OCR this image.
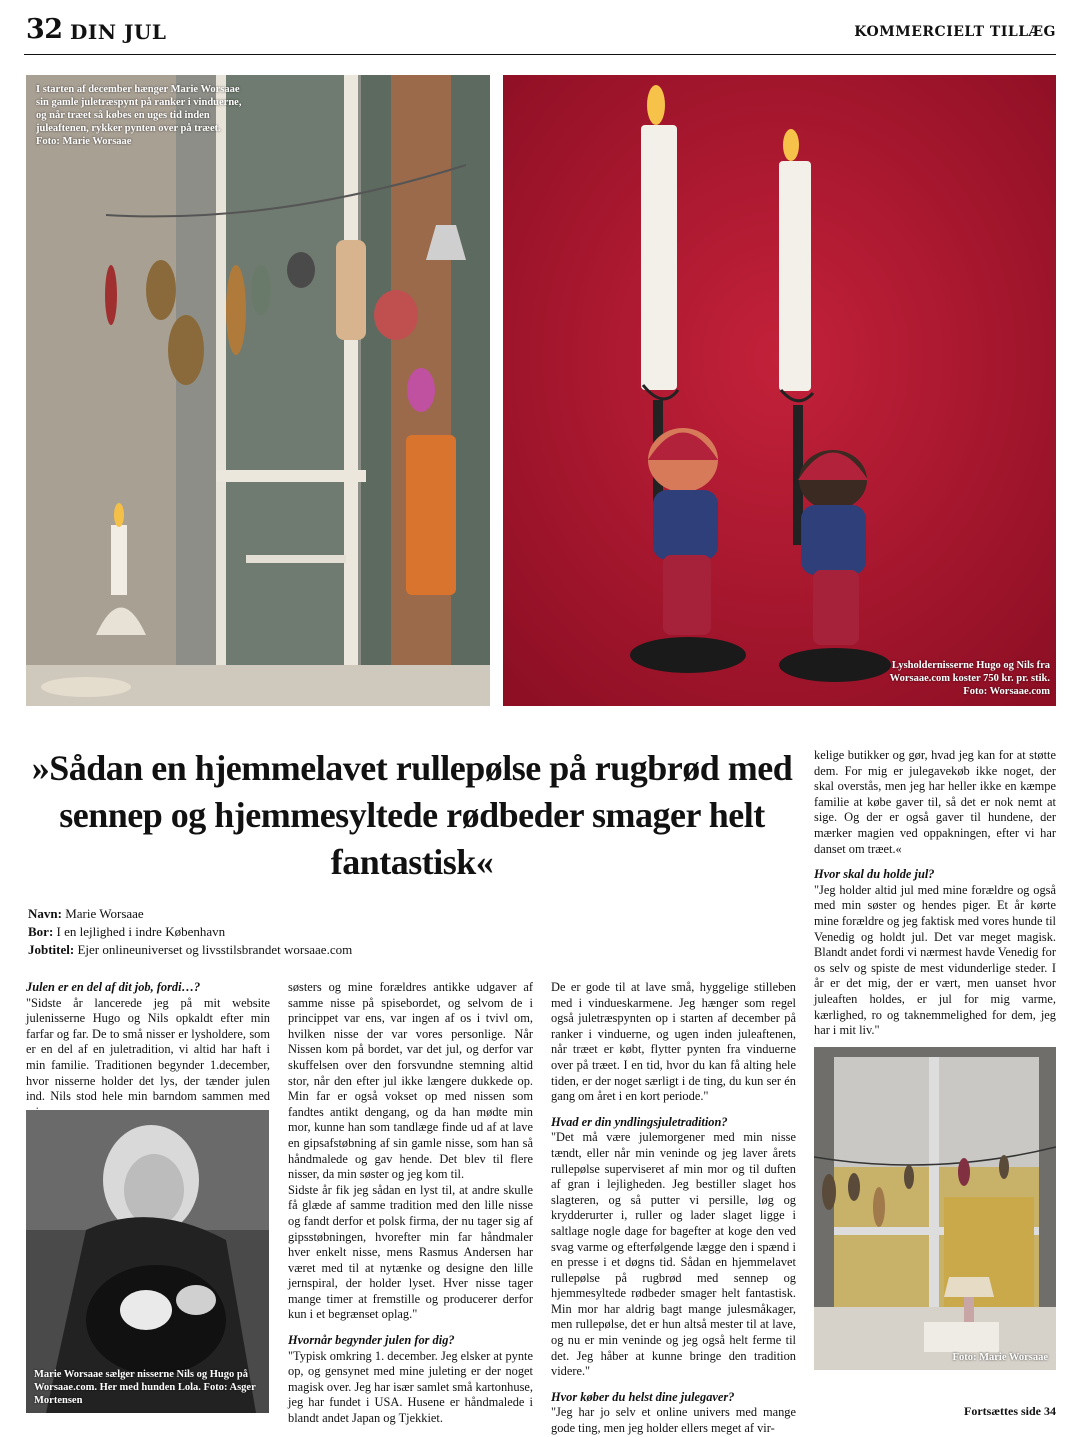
32 DIN JUL	KOMMERCIELT TILLÆG
I starten af december hænger Marie Worsaae sin gamle juletræspynt på ranker i vinduerne, og når træet så købes en uges tid inden juleaftenen, rykker pynten over på træet. Foto: Marie Worsaae
Lysholdernisserne Hugo og Nils fra Worsaae.com koster 750 kr. pr. stik. Foto: Worsaae.com
»Sådan en hjemmelavet rullepølse på rugbrød med sennep og hjemmesyltede rødbeder smager helt fantastisk«
Navn: Marie Worsaae
Bor: I en lejlighed i indre København
Jobtitel: Ejer onlineuniverset og livsstilsbrandet worsaae.com

Julen er en del af dit job, fordi…?

"Sidste år lancerede jeg på mit website julenisserne Hugo og Nils opkaldt efter min farfar og far. De to små nisser er lysholdere, som er en del af en juletradition, vi altid har haft i min familie. Traditionen begynder 1.december, hvor nisserne holder det lys, der tænder julen ind. Nils stod hele min barndom sammen med

Marie Worsaae sælger nisserne Nils og Hugo på Worsaae.com. Her med hunden Lola. Foto: Asger Mortensen

søsters og mine forældres antikke udgaver af samme nisse på spisebordet, og selvom de i princippet var ens, var ingen af os i tvivl om, hvilken nisse der var vores personlige. Når Nissen kom på bordet, var det jul, og derfor var skuffelsen over den forsvundne stemning altid stor, når den efter jul ikke længere dukkede op. Min far er også vokset op med nissen som fandtes antikt dengang, og da han mødte min mor, kunne han som tandlæge finde ud af at lave en gipsafstøbning af sin gamle nisse, som han så håndmalede og gav hende. Det blev til flere nisser, da min søster og jeg kom til.

Sidste år fik jeg sådan en lyst til, at andre skulle få glæde af samme tradition med den lille nisse og fandt derfor et polsk firma, der nu tager sig af gipsstøbningen, hvorefter min far håndmaler hver enkelt nisse, mens Rasmus Andersen har været med til at nytænke og designe den lille jernspiral, der holder lyset. Hver nisse tager mange timer at fremstille og producerer derfor kun i et begrænset oplag."

Hvornår begynder julen for dig?

"Typisk omkring 1. december. Jeg elsker at pynte op, og gensynet med mine juleting er der noget magisk over. Jeg har især samlet små kartonhuse, jeg har fundet i USA. Husene er håndmalede i blandt andet Japan og Tjekkiet.

De er gode til at lave små, hyggelige stilleben med i vindueskarmene. Jeg hænger som regel også juletræspynten op i starten af december på ranker i vinduerne, og ugen inden juleaftenen, når træet er købt, flytter pynten fra vinduerne over på træet. I en tid, hvor du kan få alting hele tiden, er der noget særligt i de ting, du kun ser én gang om året i en kort periode."

Hvad er din yndlingsjuletradition?

"Det må være julemorgener med min nisse tændt, eller når min veninde og jeg laver årets rullepølse superviseret af min mor og til duften af gran i lejligheden. Jeg bestiller slaget hos slagteren, og så putter vi persille, løg og krydderurter i, ruller og lader slaget ligge i saltlage nogle dage for bagefter at koge den ved svag varme og efterfølgende lægge den i spænd i en presse i et døgns tid. Sådan en hjemmelavet rullepølse på rugbrød med sennep og hjemmesyltede rødbeder smager helt fantastisk. Min mor har aldrig bagt mange julesmåkager, men rullepølse, det er hun altså mester til at lave, og nu er min veninde og jeg også helt ferme til det. Jeg håber at kunne bringe den tradition videre."

Hvor køber du helst dine julegaver?

"Jeg har jo selv et online univers med mange gode ting, men jeg holder ellers meget af vir-

kelige butikker og gør, hvad jeg kan for at støtte dem. For mig er julegavekøb ikke noget, der skal overstås, men jeg har heller ikke en kæmpe familie at købe gaver til, så det er nok nemt at sige. Og der er også gaver til hundene, der mærker magien ved oppakningen, efter vi har danset om træet.«

Hvor skal du holde jul?

"Jeg holder altid jul med mine forældre og også med min søster og hendes piger. Et år kørte mine forældre og jeg faktisk med vores hunde til Venedig og holdt jul. Det var meget magisk. Blandt andet fordi vi nærmest havde Venedig for os selv og spiste de mest vidunderlige steder. I år er det mig, der er vært, men uanset hvor juleaften holdes, er jul for mig varme, kærlighed, ro og taknemmelighed for dem, jeg har i mit liv."

Foto: Marie Worsaae
Fortsættes side 34
